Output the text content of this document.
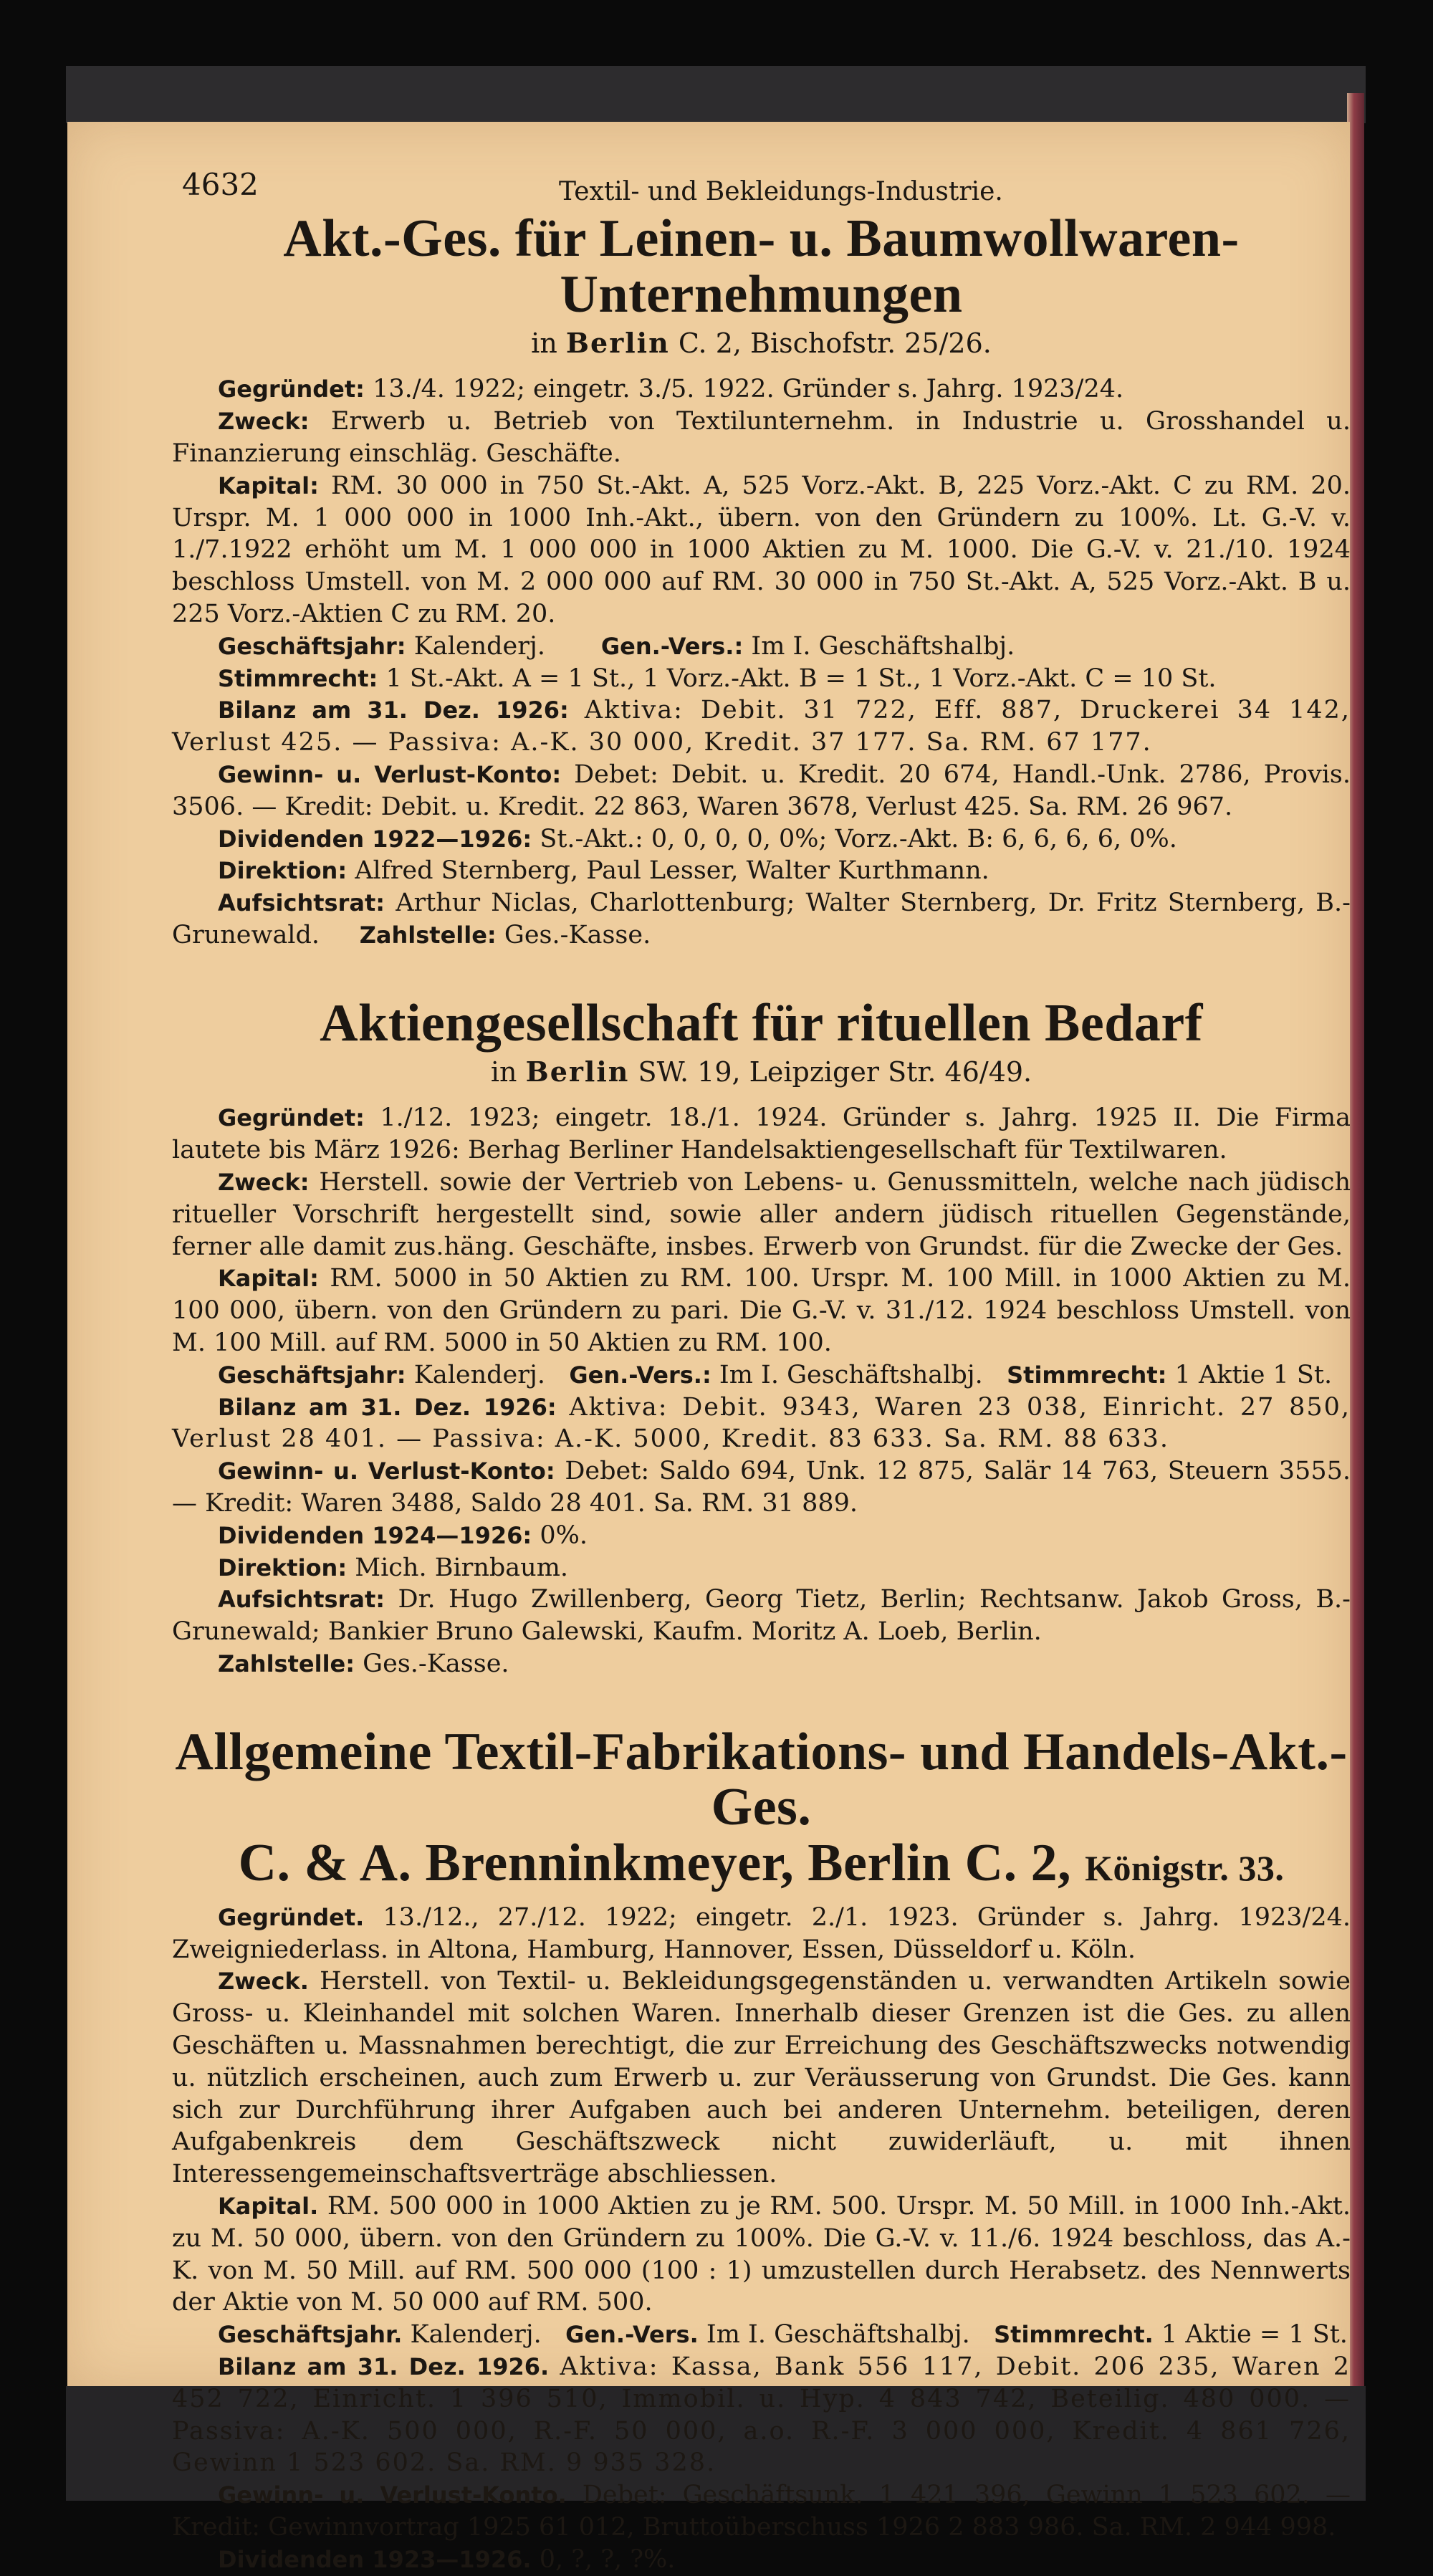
4632	Textil- und Bekleidungs-Industrie.
Akt.-Ges. für Leinen- u. Baumwollwaren-Unternehmungen
in Berlin C. 2, Bischofstr. 25/26.

Gegründet: 13./4. 1922; eingetr. 3./5. 1922. Gründer s. Jahrg. 1923/24.

Zweck: Erwerb u. Betrieb von Textilunternehm. in Industrie u. Grosshandel u. Finanzierung einschläg. Geschäfte.

Kapital: RM. 30 000 in 750 St.-Akt. A, 525 Vorz.-Akt. B, 225 Vorz.-Akt. C zu RM. 20. Urspr. M. 1 000 000 in 1000 Inh.-Akt., übern. von den Gründern zu 100%. Lt. G.-V. v. 1./7.1922 erhöht um M. 1 000 000 in 1000 Aktien zu M. 1000. Die G.-V. v. 21./10. 1924 beschloss Umstell. von M. 2 000 000 auf RM. 30 000 in 750 St.-Akt. A, 525 Vorz.-Akt. B u. 225 Vorz.-Aktien C zu RM. 20.

Geschäftsjahr: Kalenderj. Gen.-Vers.: Im I. Geschäftshalbj.

Stimmrecht: 1 St.-Akt. A = 1 St., 1 Vorz.-Akt. B = 1 St., 1 Vorz.-Akt. C = 10 St.

Bilanz am 31. Dez. 1926: Aktiva: Debit. 31 722, Eff. 887, Druckerei 34 142, Verlust 425. — Passiva: A.-K. 30 000, Kredit. 37 177. Sa. RM. 67 177.

Gewinn- u. Verlust-Konto: Debet: Debit. u. Kredit. 20 674, Handl.-Unk. 2786, Provis. 3506. — Kredit: Debit. u. Kredit. 22 863, Waren 3678, Verlust 425. Sa. RM. 26 967.

Dividenden 1922—1926: St.-Akt.: 0, 0, 0, 0, 0%; Vorz.-Akt. B: 6, 6, 6, 6, 0%.

Direktion: Alfred Sternberg, Paul Lesser, Walter Kurthmann.

Aufsichtsrat: Arthur Niclas, Charlottenburg; Walter Sternberg, Dr. Fritz Sternberg, B.-Grunewald. Zahlstelle: Ges.-Kasse.

Aktiengesellschaft für rituellen Bedarf
in Berlin SW. 19, Leipziger Str. 46/49.

Gegründet: 1./12. 1923; eingetr. 18./1. 1924. Gründer s. Jahrg. 1925 II. Die Firma lautete bis März 1926: Berhag Berliner Handelsaktiengesellschaft für Textilwaren.

Zweck: Herstell. sowie der Vertrieb von Lebens- u. Genussmitteln, welche nach jüdisch ritueller Vorschrift hergestellt sind, sowie aller andern jüdisch rituellen Gegenstände, ferner alle damit zus.häng. Geschäfte, insbes. Erwerb von Grundst. für die Zwecke der Ges.

Kapital: RM. 5000 in 50 Aktien zu RM. 100. Urspr. M. 100 Mill. in 1000 Aktien zu M. 100 000, übern. von den Gründern zu pari. Die G.-V. v. 31./12. 1924 beschloss Umstell. von M. 100 Mill. auf RM. 5000 in 50 Aktien zu RM. 100.

Geschäftsjahr: Kalenderj. Gen.-Vers.: Im I. Geschäftshalbj. Stimmrecht: 1 Aktie 1 St.

Bilanz am 31. Dez. 1926: Aktiva: Debit. 9343, Waren 23 038, Einricht. 27 850, Verlust 28 401. — Passiva: A.-K. 5000, Kredit. 83 633. Sa. RM. 88 633.

Gewinn- u. Verlust-Konto: Debet: Saldo 694, Unk. 12 875, Salär 14 763, Steuern 3555. — Kredit: Waren 3488, Saldo 28 401. Sa. RM. 31 889.

Dividenden 1924—1926: 0%.

Direktion: Mich. Birnbaum.

Aufsichtsrat: Dr. Hugo Zwillenberg, Georg Tietz, Berlin; Rechtsanw. Jakob Gross, B.-Grunewald; Bankier Bruno Galewski, Kaufm. Moritz A. Loeb, Berlin.

Zahlstelle: Ges.-Kasse.

Allgemeine Textil-Fabrikations- und Handels-Akt.-Ges.
C. & A. Brenninkmeyer, Berlin C. 2, Königstr. 33.

Gegründet. 13./12., 27./12. 1922; eingetr. 2./1. 1923. Gründer s. Jahrg. 1923/24. Zweigniederlass. in Altona, Hamburg, Hannover, Essen, Düsseldorf u. Köln.

Zweck. Herstell. von Textil- u. Bekleidungsgegenständen u. verwandten Artikeln sowie Gross- u. Kleinhandel mit solchen Waren. Innerhalb dieser Grenzen ist die Ges. zu allen Geschäften u. Massnahmen berechtigt, die zur Erreichung des Geschäftszwecks notwendig u. nützlich erscheinen, auch zum Erwerb u. zur Veräusserung von Grundst. Die Ges. kann sich zur Durchführung ihrer Aufgaben auch bei anderen Unternehm. beteiligen, deren Aufgabenkreis dem Geschäftszweck nicht zuwiderläuft, u. mit ihnen Interessengemeinschaftsverträge abschliessen.

Kapital. RM. 500 000 in 1000 Aktien zu je RM. 500. Urspr. M. 50 Mill. in 1000 Inh.-Akt. zu M. 50 000, übern. von den Gründern zu 100%. Die G.-V. v. 11./6. 1924 beschloss, das A.-K. von M. 50 Mill. auf RM. 500 000 (100 : 1) umzustellen durch Herabsetz. des Nennwerts der Aktie von M. 50 000 auf RM. 500.

Geschäftsjahr. Kalenderj. Gen.-Vers. Im I. Geschäftshalbj. Stimmrecht. 1 Aktie = 1 St.

Bilanz am 31. Dez. 1926. Aktiva: Kassa, Bank 556 117, Debit. 206 235, Waren 2 452 722, Einricht. 1 396 510, Immobil. u. Hyp. 4 843 742, Beteilig. 480 000. — Passiva: A.-K. 500 000, R.-F. 50 000, a.o. R.-F. 3 000 000, Kredit. 4 861 726, Gewinn 1 523 602. Sa. RM. 9 935 328.

Gewinn- u. Verlust-Konto. Debet: Geschäftsunk. 1 421 396, Gewinn 1 523 602. — Kredit: Gewinnvortrag 1925 61 012, Bruttoüberschuss 1926 2 883 986. Sa. RM. 2 944 998.

Dividenden 1923—1926. 0, ?, ?, ?%.
